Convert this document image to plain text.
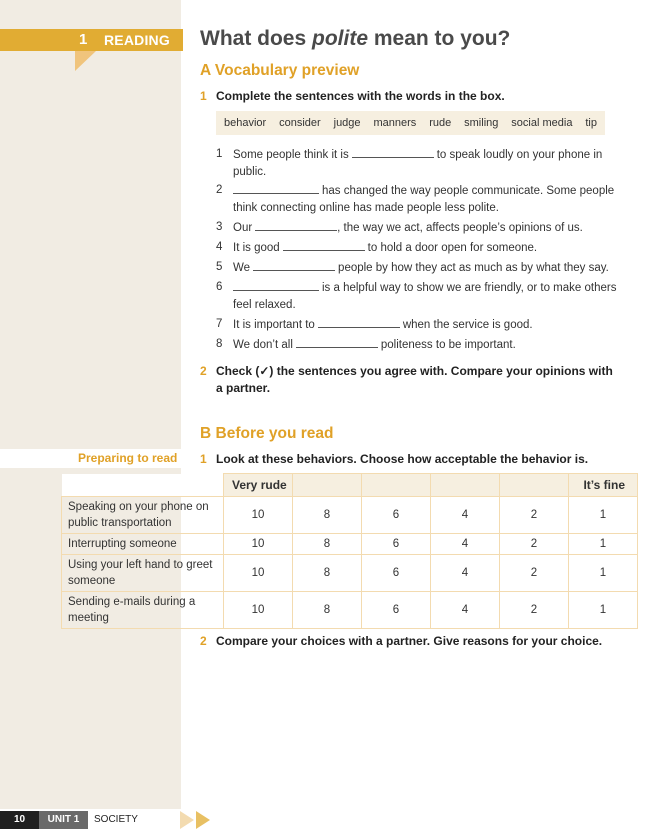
1 READING What does polite mean to you?
A Vocabulary preview
1 Complete the sentences with the words in the box.
behavior consider judge manners rude smiling social media tip
1 Some people think it is	to speak loudly on your phone in public.
2	has changed the way people communicate. Some people think connecting online has made people less polite.
3 Our	, the way we act, affects people’s opinions of us.
4 It is good	to hold a door open for someone.
5 We	people by how they act as much as by what they say.
6	is a helpful way to show we are friendly, or to make others feel relaxed.
7 It is important to	when the service is good.
8 We don’t all	politeness to be important.
2 Check (✓) the sentences you agree with. Compare your opinions with
a partner.
B Before you read
Preparing to read 1 Look at these behaviors. Choose how acceptable the behavior is.
	Very rude					It’s fine
Speaking on your phone on public transportation	10	8	6	4	2	1
Interrupting someone	10	8	6	4	2	1
Using your left hand to greet someone	10	8	6	4	2	1
Sending e-mails during a meeting	10	8	6	4	2	1
2 Compare your choices with a partner. Give reasons for your choice.
10	UNIT 1	SOCIETY
